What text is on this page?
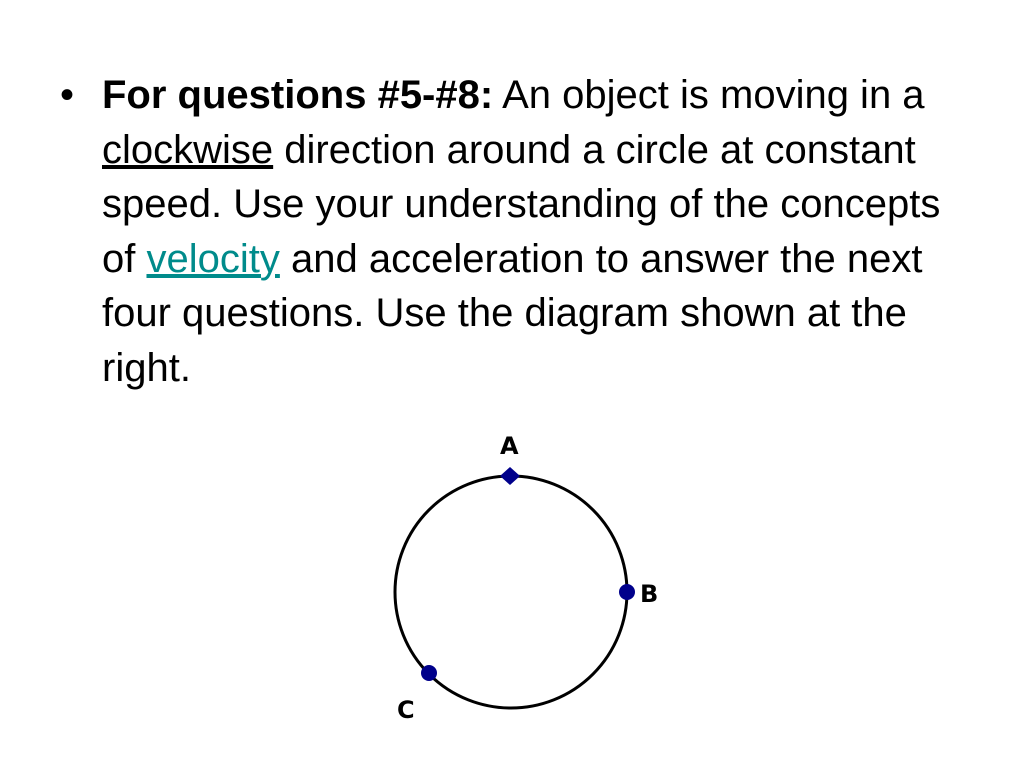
• For questions #5-#8: An object is moving in a clockwise direction around a circle at constant speed. Use your understanding of the concepts of velocity and acceleration to answer the next four questions. Use the diagram shown at the right.
A
B
C
